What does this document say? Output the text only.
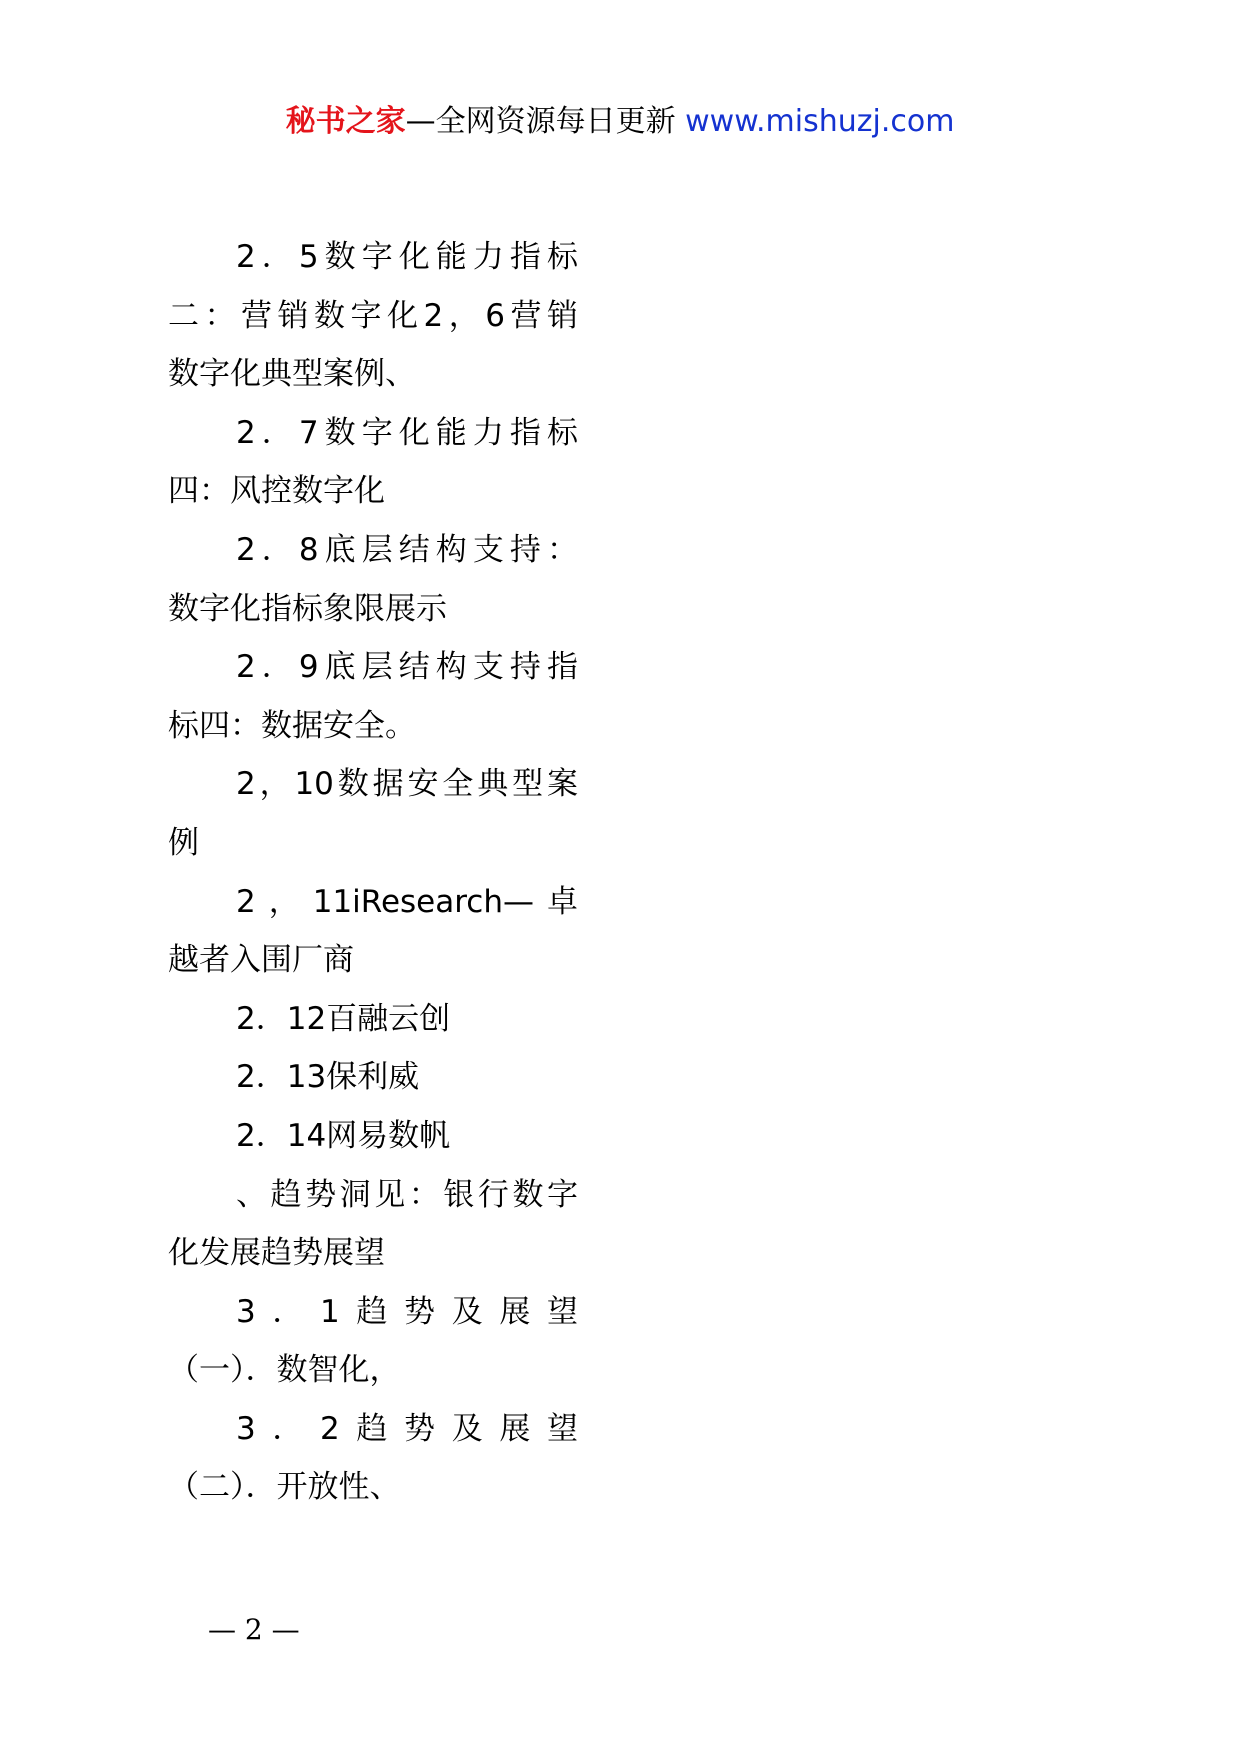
秘书之家—全网资源每日更新 www.mishuzj.com

2．5数字化能力指标

二：营销数字化2，6营销

数字化典型案例、

2．7数字化能力指标

四：风控数字化

2．8底层结构支持：

数字化指标象限展示

2．9底层结构支持指

标四：数据安全。

2，10数据安全典型案

例

2，11iResearch—卓

越者入围厂商

2．12百融云创

2．13保利威

2．14网易数帆

、趋势洞见：银行数字

化发展趋势展望

3．1趋势及展望

（一）．数智化，

3．2趋势及展望

（二）．开放性、

— 2 —
